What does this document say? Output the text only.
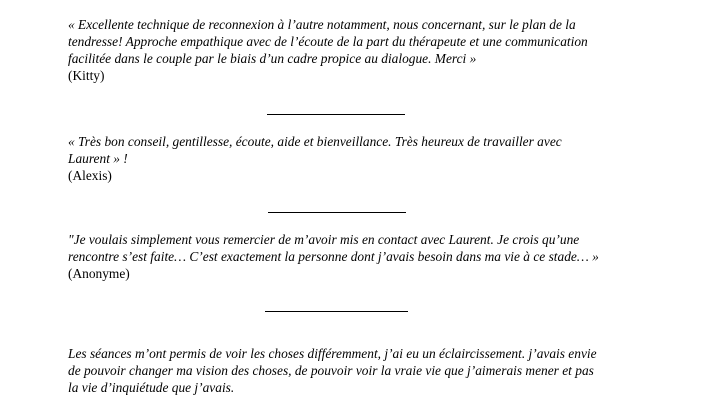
« Excellente technique de reconnexion à l’autre notamment, nous concernant, sur le plan de la
tendresse! Approche empathique avec de l’écoute de la part du thérapeute et une communication
facilitée dans le couple par le biais d’un cadre propice au dialogue. Merci »

(Kitty)

« Très bon conseil, gentillesse, écoute, aide et bienveillance. Très heureux de travailler avec
Laurent » !

(Alexis)

"Je voulais simplement vous remercier de m’avoir mis en contact avec Laurent. Je crois qu’une
rencontre s’est faite… C’est exactement la personne dont j’avais besoin dans ma vie à ce stade… »

(Anonyme)

Les séances m’ont permis de voir les choses différemment, j’ai eu un éclaircissement. j’avais envie
de pouvoir changer ma vision des choses, de pouvoir voir la vraie vie que j’aimerais mener et pas
la vie d’inquiétude que j’avais.
